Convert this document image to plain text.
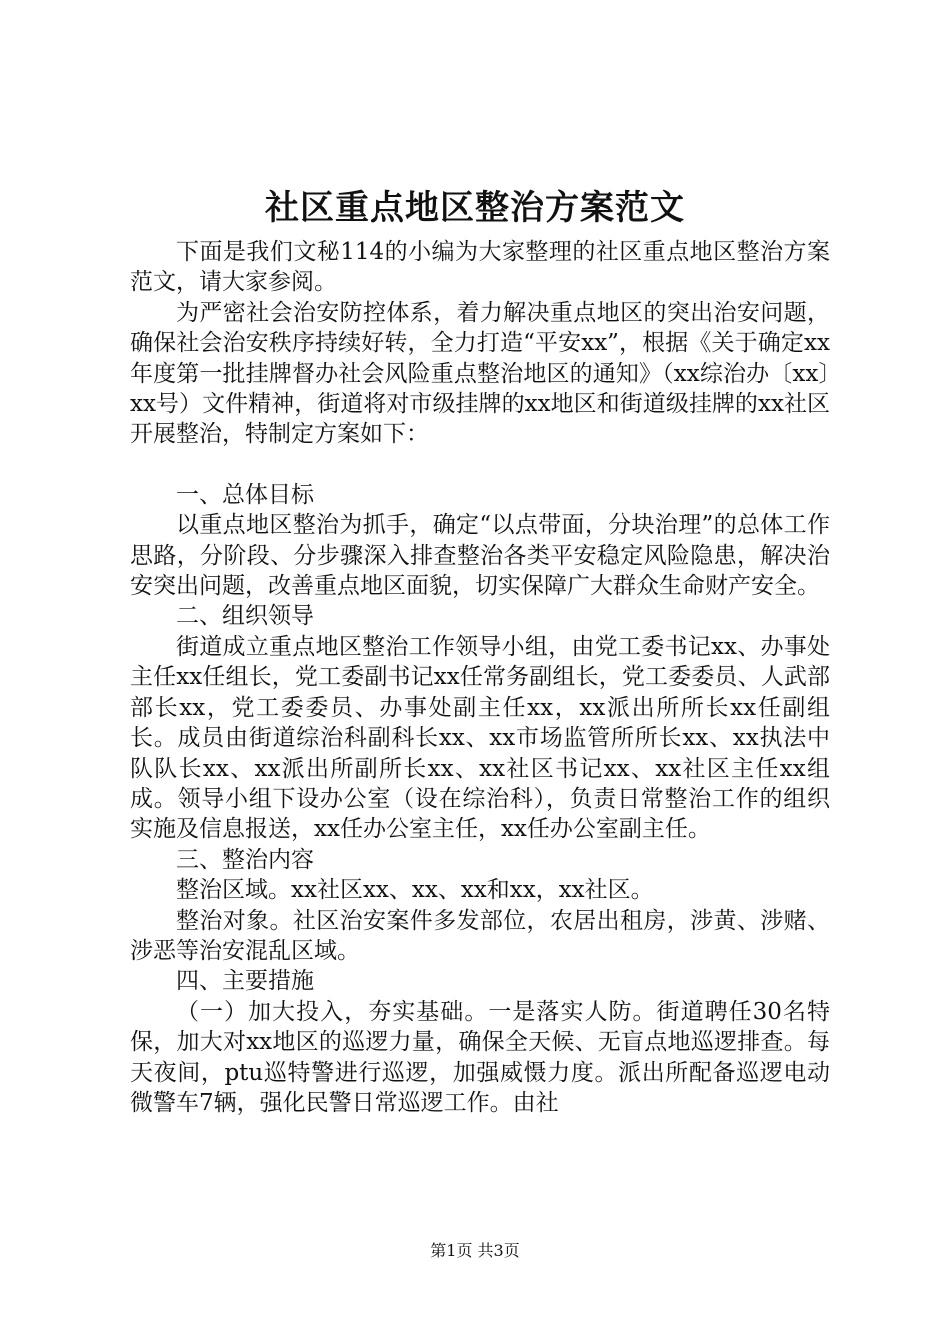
社区重点地区整治方案范文

下面是我们文秘114的小编为大家整理的社区重点地区整治方案范文，请大家参阅。

为严密社会治安防控体系，着力解决重点地区的突出治安问题，确保社会治安秩序持续好转，全力打造“平安xx”，根据《关于确定xx年度第一批挂牌督办社会风险重点整治地区的通知》（xx综治办〔xx〕xx号）文件精神，街道将对市级挂牌的xx地区和街道级挂牌的xx社区开展整治，特制定方案如下：

一、总体目标

以重点地区整治为抓手，确定“以点带面，分块治理”的总体工作思路，分阶段、分步骤深入排查整治各类平安稳定风险隐患，解决治安突出问题，改善重点地区面貌，切实保障广大群众生命财产安全。

二、组织领导

街道成立重点地区整治工作领导小组，由党工委书记xx、办事处主任xx任组长，党工委副书记xx任常务副组长，党工委委员、人武部部长xx，党工委委员、办事处副主任xx，xx派出所所长xx任副组长。成员由街道综治科副科长xx、xx市场监管所所长xx、xx执法中队队长xx、xx派出所副所长xx、xx社区书记xx、xx社区主任xx组成。领导小组下设办公室（设在综治科），负责日常整治工作的组织实施及信息报送，xx任办公室主任，xx任办公室副主任。

三、整治内容

整治区域。xx社区xx、xx、xx和xx，xx社区。

整治对象。社区治安案件多发部位，农居出租房，涉黄、涉赌、涉恶等治安混乱区域。

四、主要措施

（一）加大投入，夯实基础。一是落实人防。街道聘任30名特保，加大对xx地区的巡逻力量，确保全天候、无盲点地巡逻排查。每天夜间，ptu巡特警进行巡逻，加强威慑力度。派出所配备巡逻电动微警车7辆，强化民警日常巡逻工作。由社

第1页 共3页
